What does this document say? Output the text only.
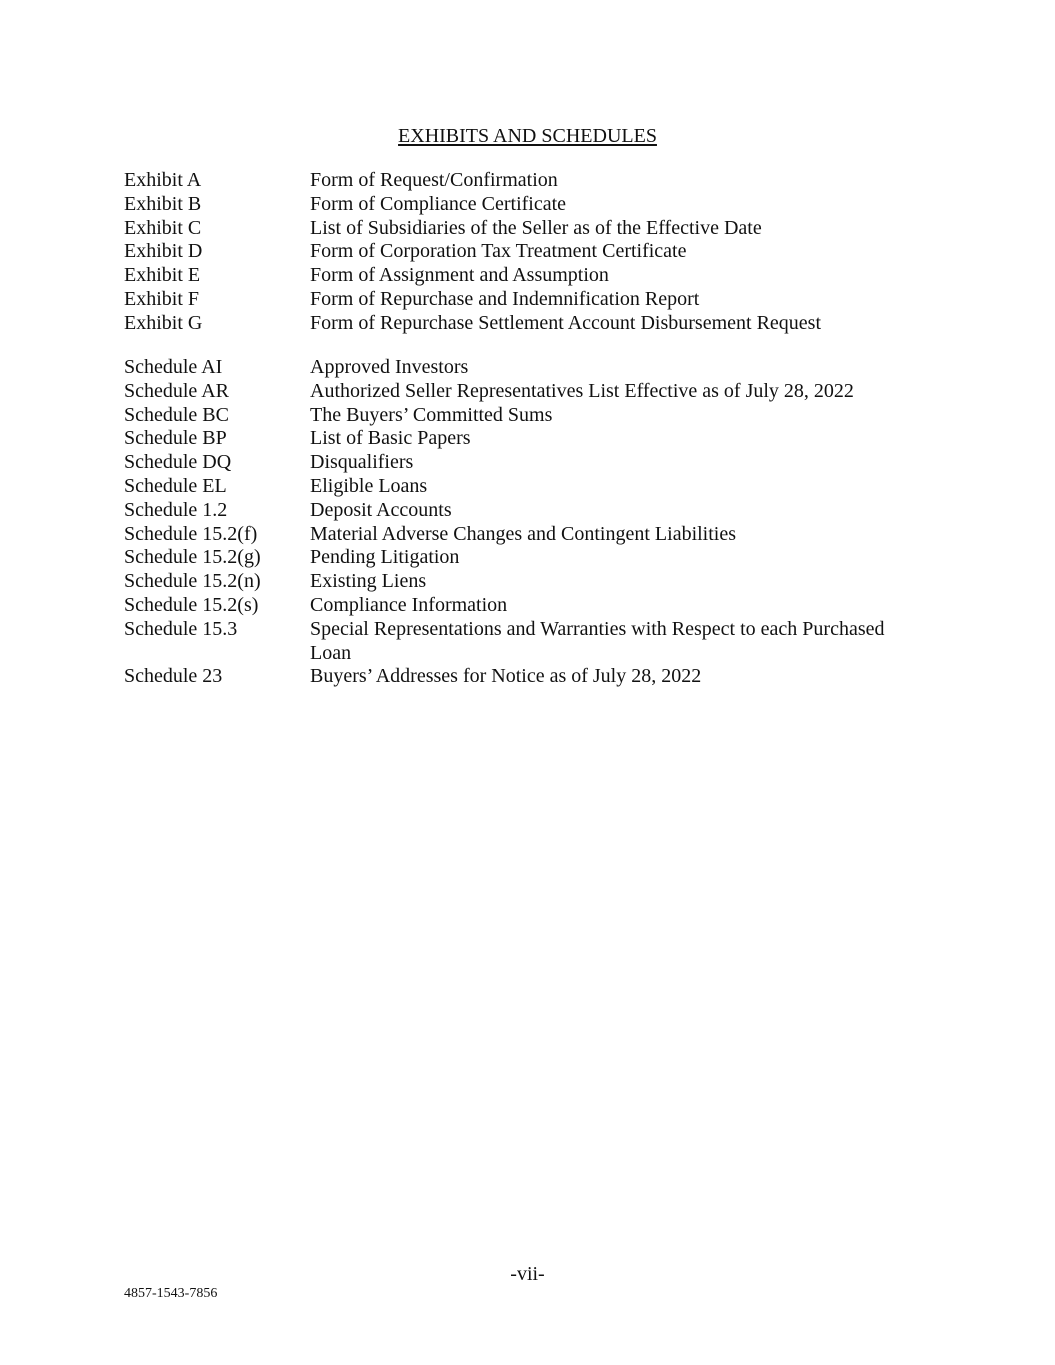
EXHIBITS AND SCHEDULES
Exhibit A	Form of Request/Confirmation
Exhibit B	Form of Compliance Certificate
Exhibit C	List of Subsidiaries of the Seller as of the Effective Date
Exhibit D	Form of Corporation Tax Treatment Certificate
Exhibit E	Form of Assignment and Assumption
Exhibit F	Form of Repurchase and Indemnification Report
Exhibit G	Form of Repurchase Settlement Account Disbursement Request
Schedule AI	Approved Investors
Schedule AR	Authorized Seller Representatives List Effective as of July 28, 2022
Schedule BC	The Buyers’ Committed Sums
Schedule BP	List of Basic Papers
Schedule DQ	Disqualifiers
Schedule EL	Eligible Loans
Schedule 1.2	Deposit Accounts
Schedule 15.2(f)	Material Adverse Changes and Contingent Liabilities
Schedule 15.2(g)	Pending Litigation
Schedule 15.2(n)	Existing Liens
Schedule 15.2(s)	Compliance Information
Schedule 15.3	Special Representations and Warranties with Respect to each Purchased Loan
Schedule 23	Buyers’ Addresses for Notice as of July 28, 2022
-vii-
4857-1543-7856
